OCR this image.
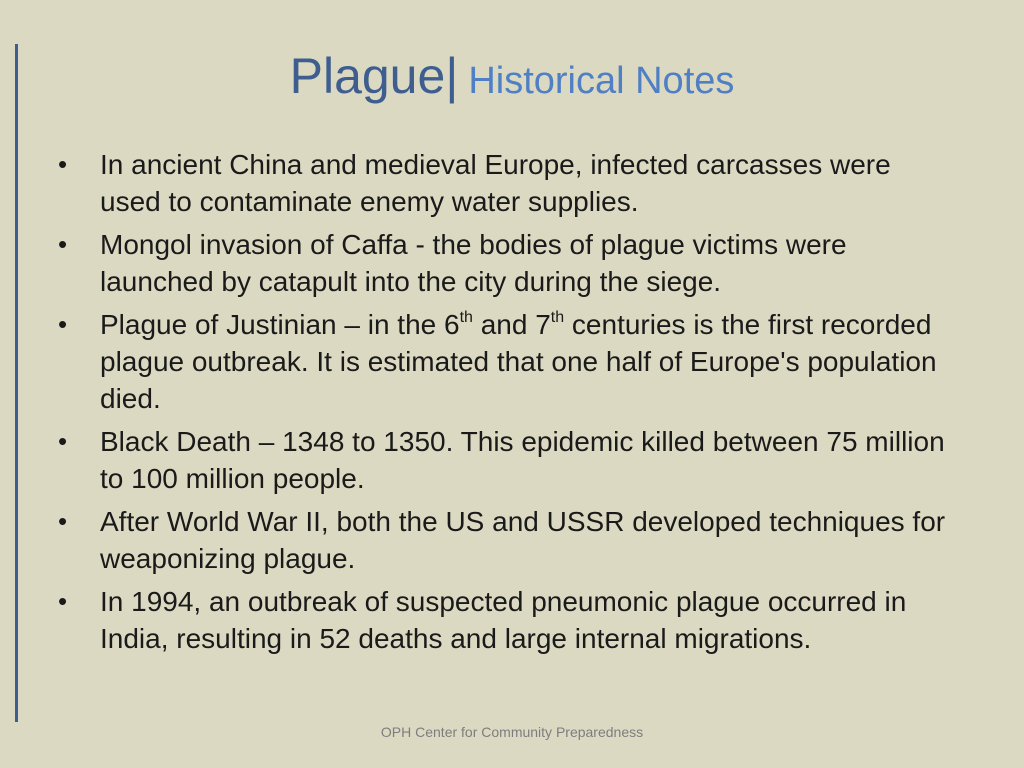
Plague| Historical Notes
• In ancient China and medieval Europe, infected carcasses were used to contaminate enemy water supplies.
• Mongol invasion of Caffa - the bodies of plague victims were launched by catapult into the city during the siege.
• Plague of Justinian – in the 6th and 7th centuries is the first recorded plague outbreak. It is estimated that one half of Europe's population died.
• Black Death – 1348 to 1350. This epidemic killed between 75 million to 100 million people.
• After World War II, both the US and USSR developed techniques for weaponizing plague.
• In 1994, an outbreak of suspected pneumonic plague occurred in India, resulting in 52 deaths and large internal migrations.
OPH Center for Community Preparedness
